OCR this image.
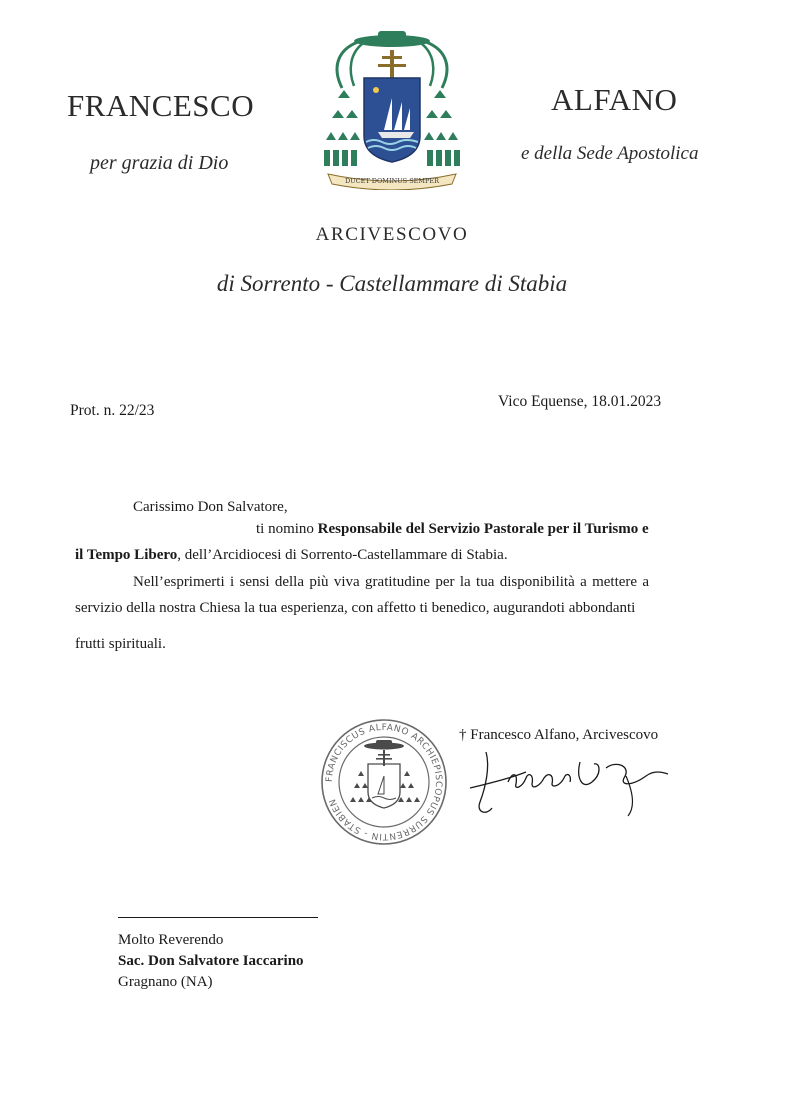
FRANCESCO	ALFANO
per grazia di Dio	e della Sede Apostolica
DUCET DOMINUS SEMPER
ARCIVESCOVO
di Sorrento - Castellammare di Stabia
Prot. n. 22/23
Vico Equense, 18.01.2023
Carissimo Don Salvatore,
ti nomino Responsabile del Servizio Pastorale per il Turismo e
il Tempo Libero, dell’Arcidiocesi di Sorrento-Castellammare di Stabia.
Nell’esprimerti i sensi della più viva gratitudine per la tua disponibilità a mettere a
servizio della nostra Chiesa la tua esperienza, con affetto ti benedico, augurandoti abbondanti
frutti spirituali.
FRANCISCUS ALFANO ARCHIEPISCOPUS SURRENTIN - STABIEN
† Francesco Alfano, Arcivescovo
Molto Reverendo
Sac. Don Salvatore Iaccarino
Gragnano (NA)
